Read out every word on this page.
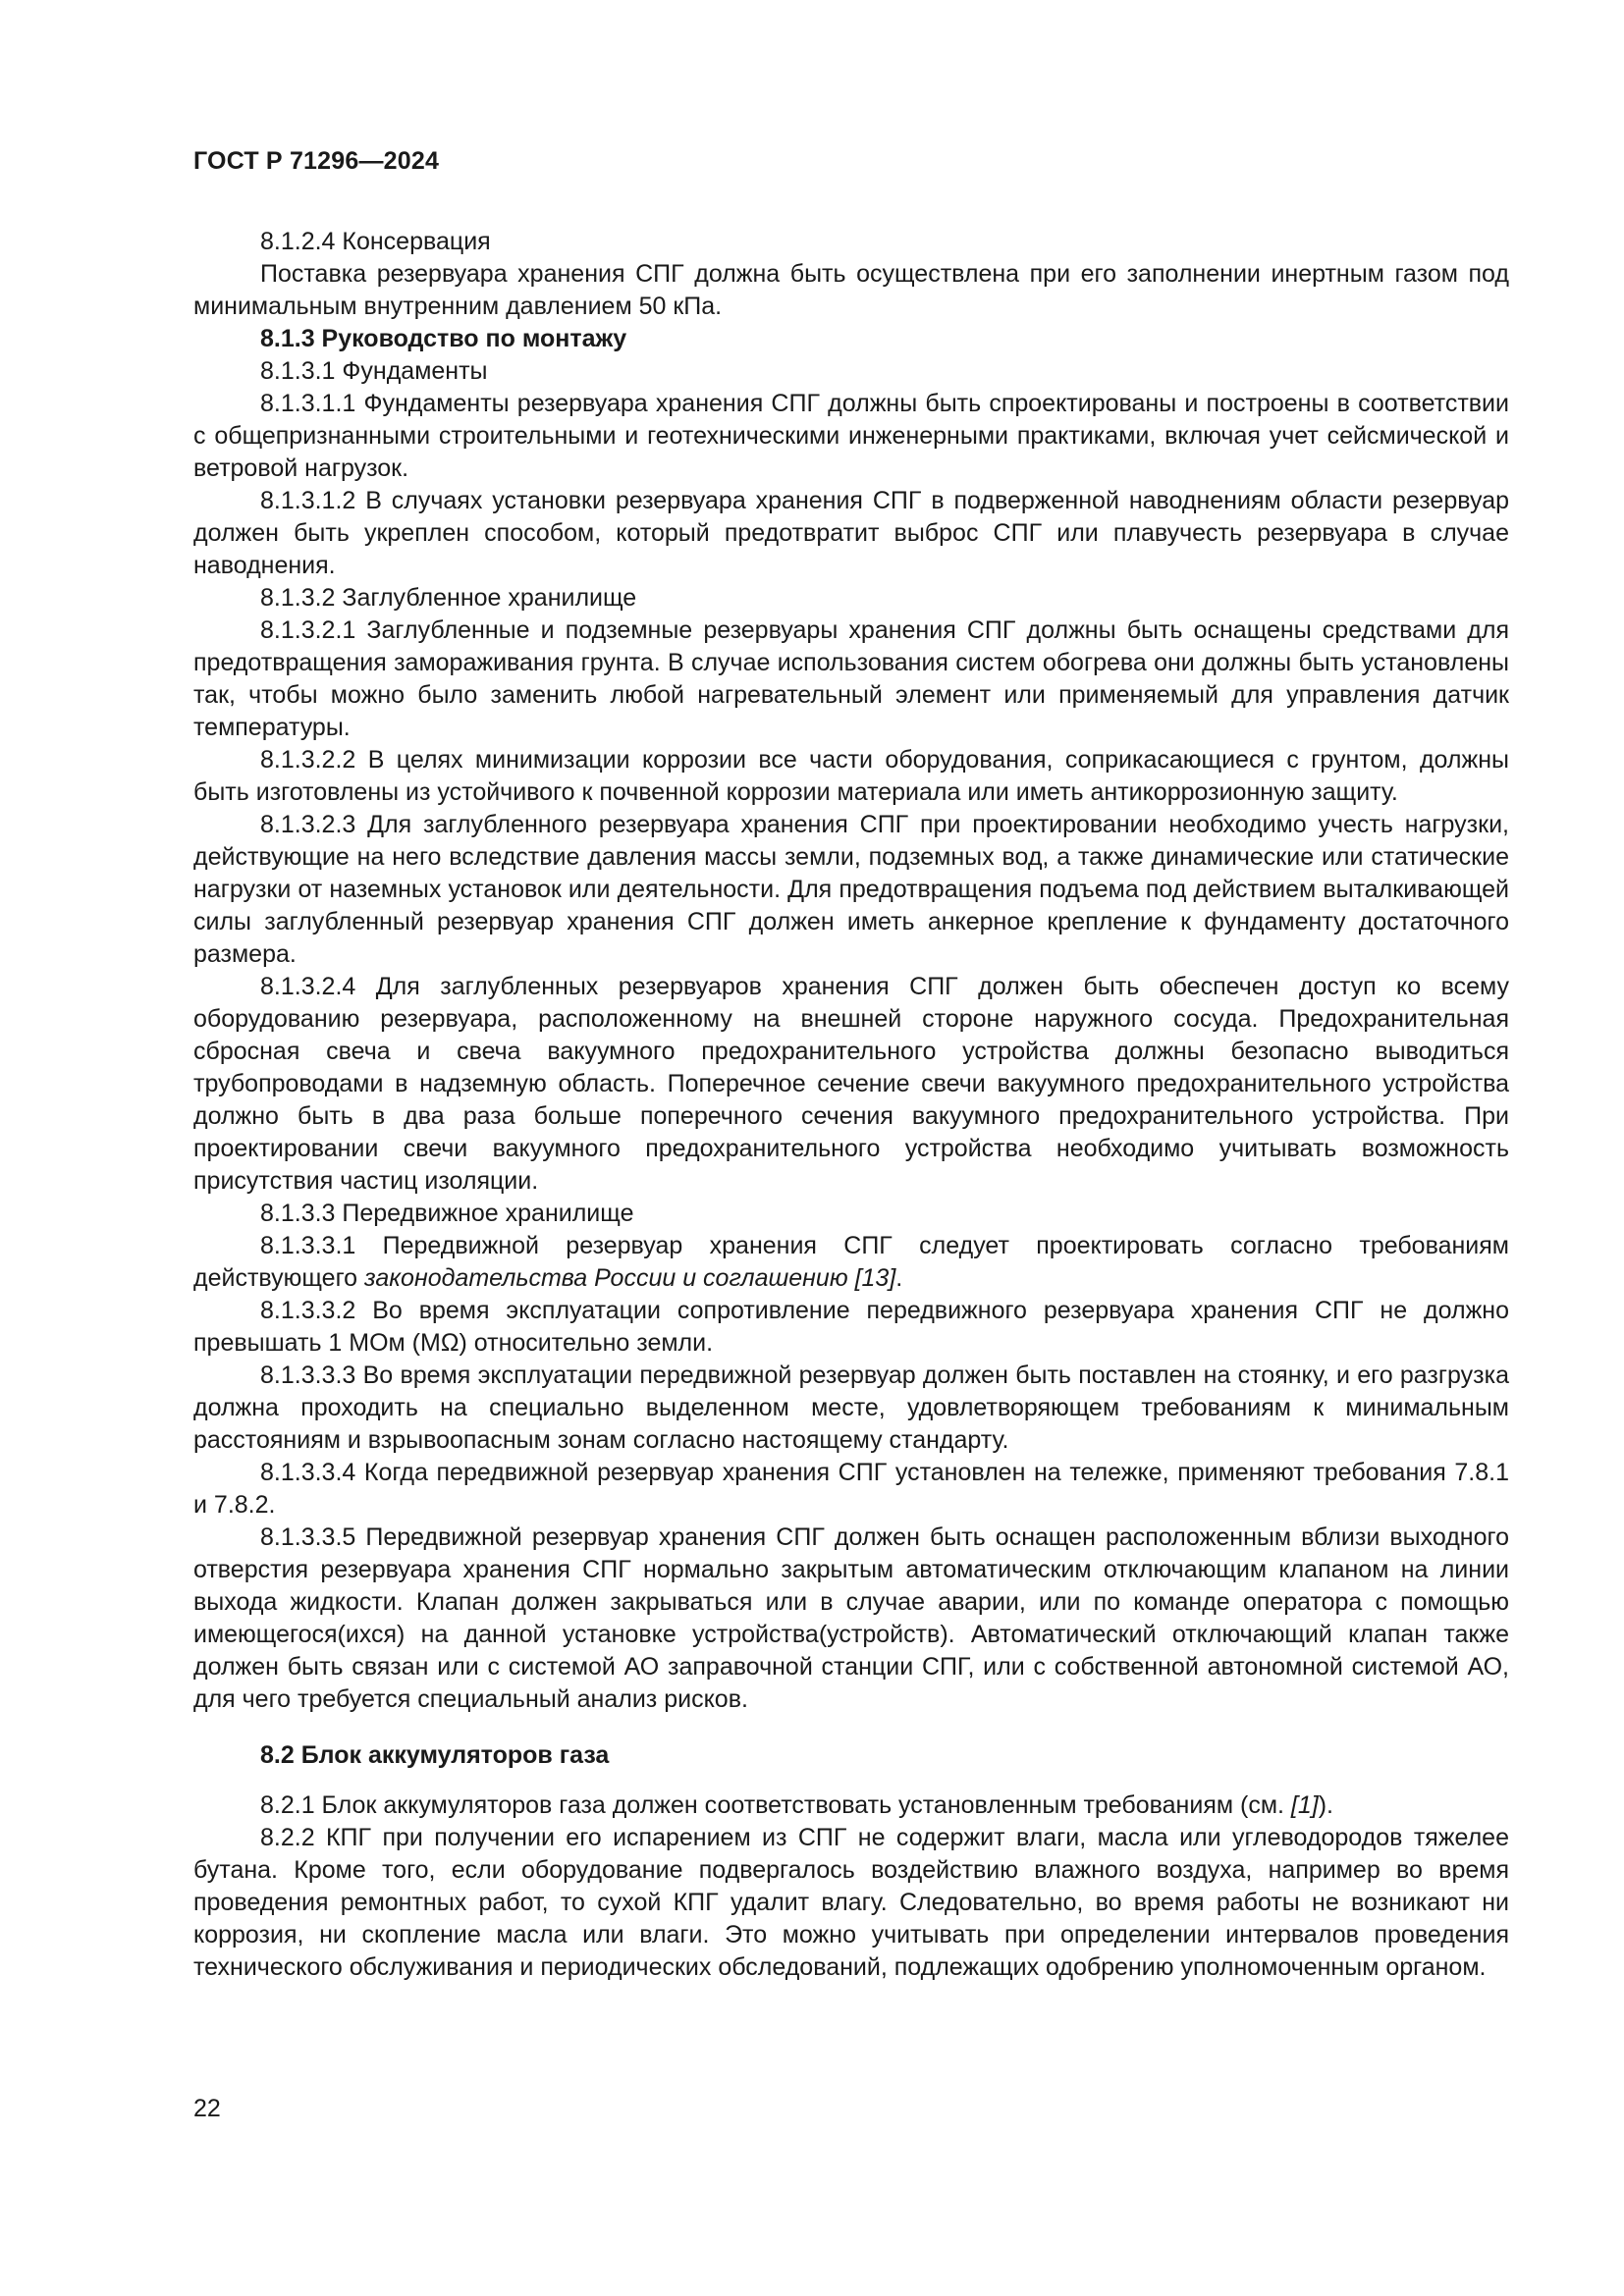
ГОСТ Р 71296—2024

8.1.2.4 Консервация

Поставка резервуара хранения СПГ должна быть осуществлена при его заполнении инертным газом под минимальным внутренним давлением 50 кПа.

8.1.3 Руководство по монтажу

8.1.3.1 Фундаменты

8.1.3.1.1 Фундаменты резервуара хранения СПГ должны быть спроектированы и построены в соответствии с общепризнанными строительными и геотехническими инженерными практиками, включая учет сейсмической и ветровой нагрузок.

8.1.3.1.2 В случаях установки резервуара хранения СПГ в подверженной наводнениям области резервуар должен быть укреплен способом, который предотвратит выброс СПГ или плавучесть резервуара в случае наводнения.

8.1.3.2 Заглубленное хранилище

8.1.3.2.1 Заглубленные и подземные резервуары хранения СПГ должны быть оснащены средствами для предотвращения замораживания грунта. В случае использования систем обогрева они должны быть установлены так, чтобы можно было заменить любой нагревательный элемент или применяемый для управления датчик температуры.

8.1.3.2.2 В целях минимизации коррозии все части оборудования, соприкасающиеся с грунтом, должны быть изготовлены из устойчивого к почвенной коррозии материала или иметь антикоррозионную защиту.

8.1.3.2.3 Для заглубленного резервуара хранения СПГ при проектировании необходимо учесть нагрузки, действующие на него вследствие давления массы земли, подземных вод, а также динамические или статические нагрузки от наземных установок или деятельности. Для предотвращения подъема под действием выталкивающей силы заглубленный резервуар хранения СПГ должен иметь анкерное крепление к фундаменту достаточного размера.

8.1.3.2.4 Для заглубленных резервуаров хранения СПГ должен быть обеспечен доступ ко всему оборудованию резервуара, расположенному на внешней стороне наружного сосуда. Предохранительная сбросная свеча и свеча вакуумного предохранительного устройства должны безопасно выводиться трубопроводами в надземную область. Поперечное сечение свечи вакуумного предохранительного устройства должно быть в два раза больше поперечного сечения вакуумного предохранительного устройства. При проектировании свечи вакуумного предохранительного устройства необходимо учитывать возможность присутствия частиц изоляции.

8.1.3.3 Передвижное хранилище

8.1.3.3.1 Передвижной резервуар хранения СПГ следует проектировать согласно требованиям действующего законодательства России и соглашению [13].

8.1.3.3.2 Во время эксплуатации сопротивление передвижного резервуара хранения СПГ не должно превышать 1 МОм (MΩ) относительно земли.

8.1.3.3.3 Во время эксплуатации передвижной резервуар должен быть поставлен на стоянку, и его разгрузка должна проходить на специально выделенном месте, удовлетворяющем требованиям к минимальным расстояниям и взрывоопасным зонам согласно настоящему стандарту.

8.1.3.3.4 Когда передвижной резервуар хранения СПГ установлен на тележке, применяют требования 7.8.1 и 7.8.2.

8.1.3.3.5 Передвижной резервуар хранения СПГ должен быть оснащен расположенным вблизи выходного отверстия резервуара хранения СПГ нормально закрытым автоматическим отключающим клапаном на линии выхода жидкости. Клапан должен закрываться или в случае аварии, или по команде оператора с помощью имеющегося(ихся) на данной установке устройства(устройств). Автоматический отключающий клапан также должен быть связан или с системой АО заправочной станции СПГ, или с собственной автономной системой АО, для чего требуется специальный анализ рисков.

8.2 Блок аккумуляторов газа

8.2.1 Блок аккумуляторов газа должен соответствовать установленным требованиям (см. [1]).

8.2.2 КПГ при получении его испарением из СПГ не содержит влаги, масла или углеводородов тяжелее бутана. Кроме того, если оборудование подвергалось воздействию влажного воздуха, например во время проведения ремонтных работ, то сухой КПГ удалит влагу. Следовательно, во время работы не возникают ни коррозия, ни скопление масла или влаги. Это можно учитывать при определении интервалов проведения технического обслуживания и периодических обследований, подлежащих одобрению уполномоченным органом.

22
